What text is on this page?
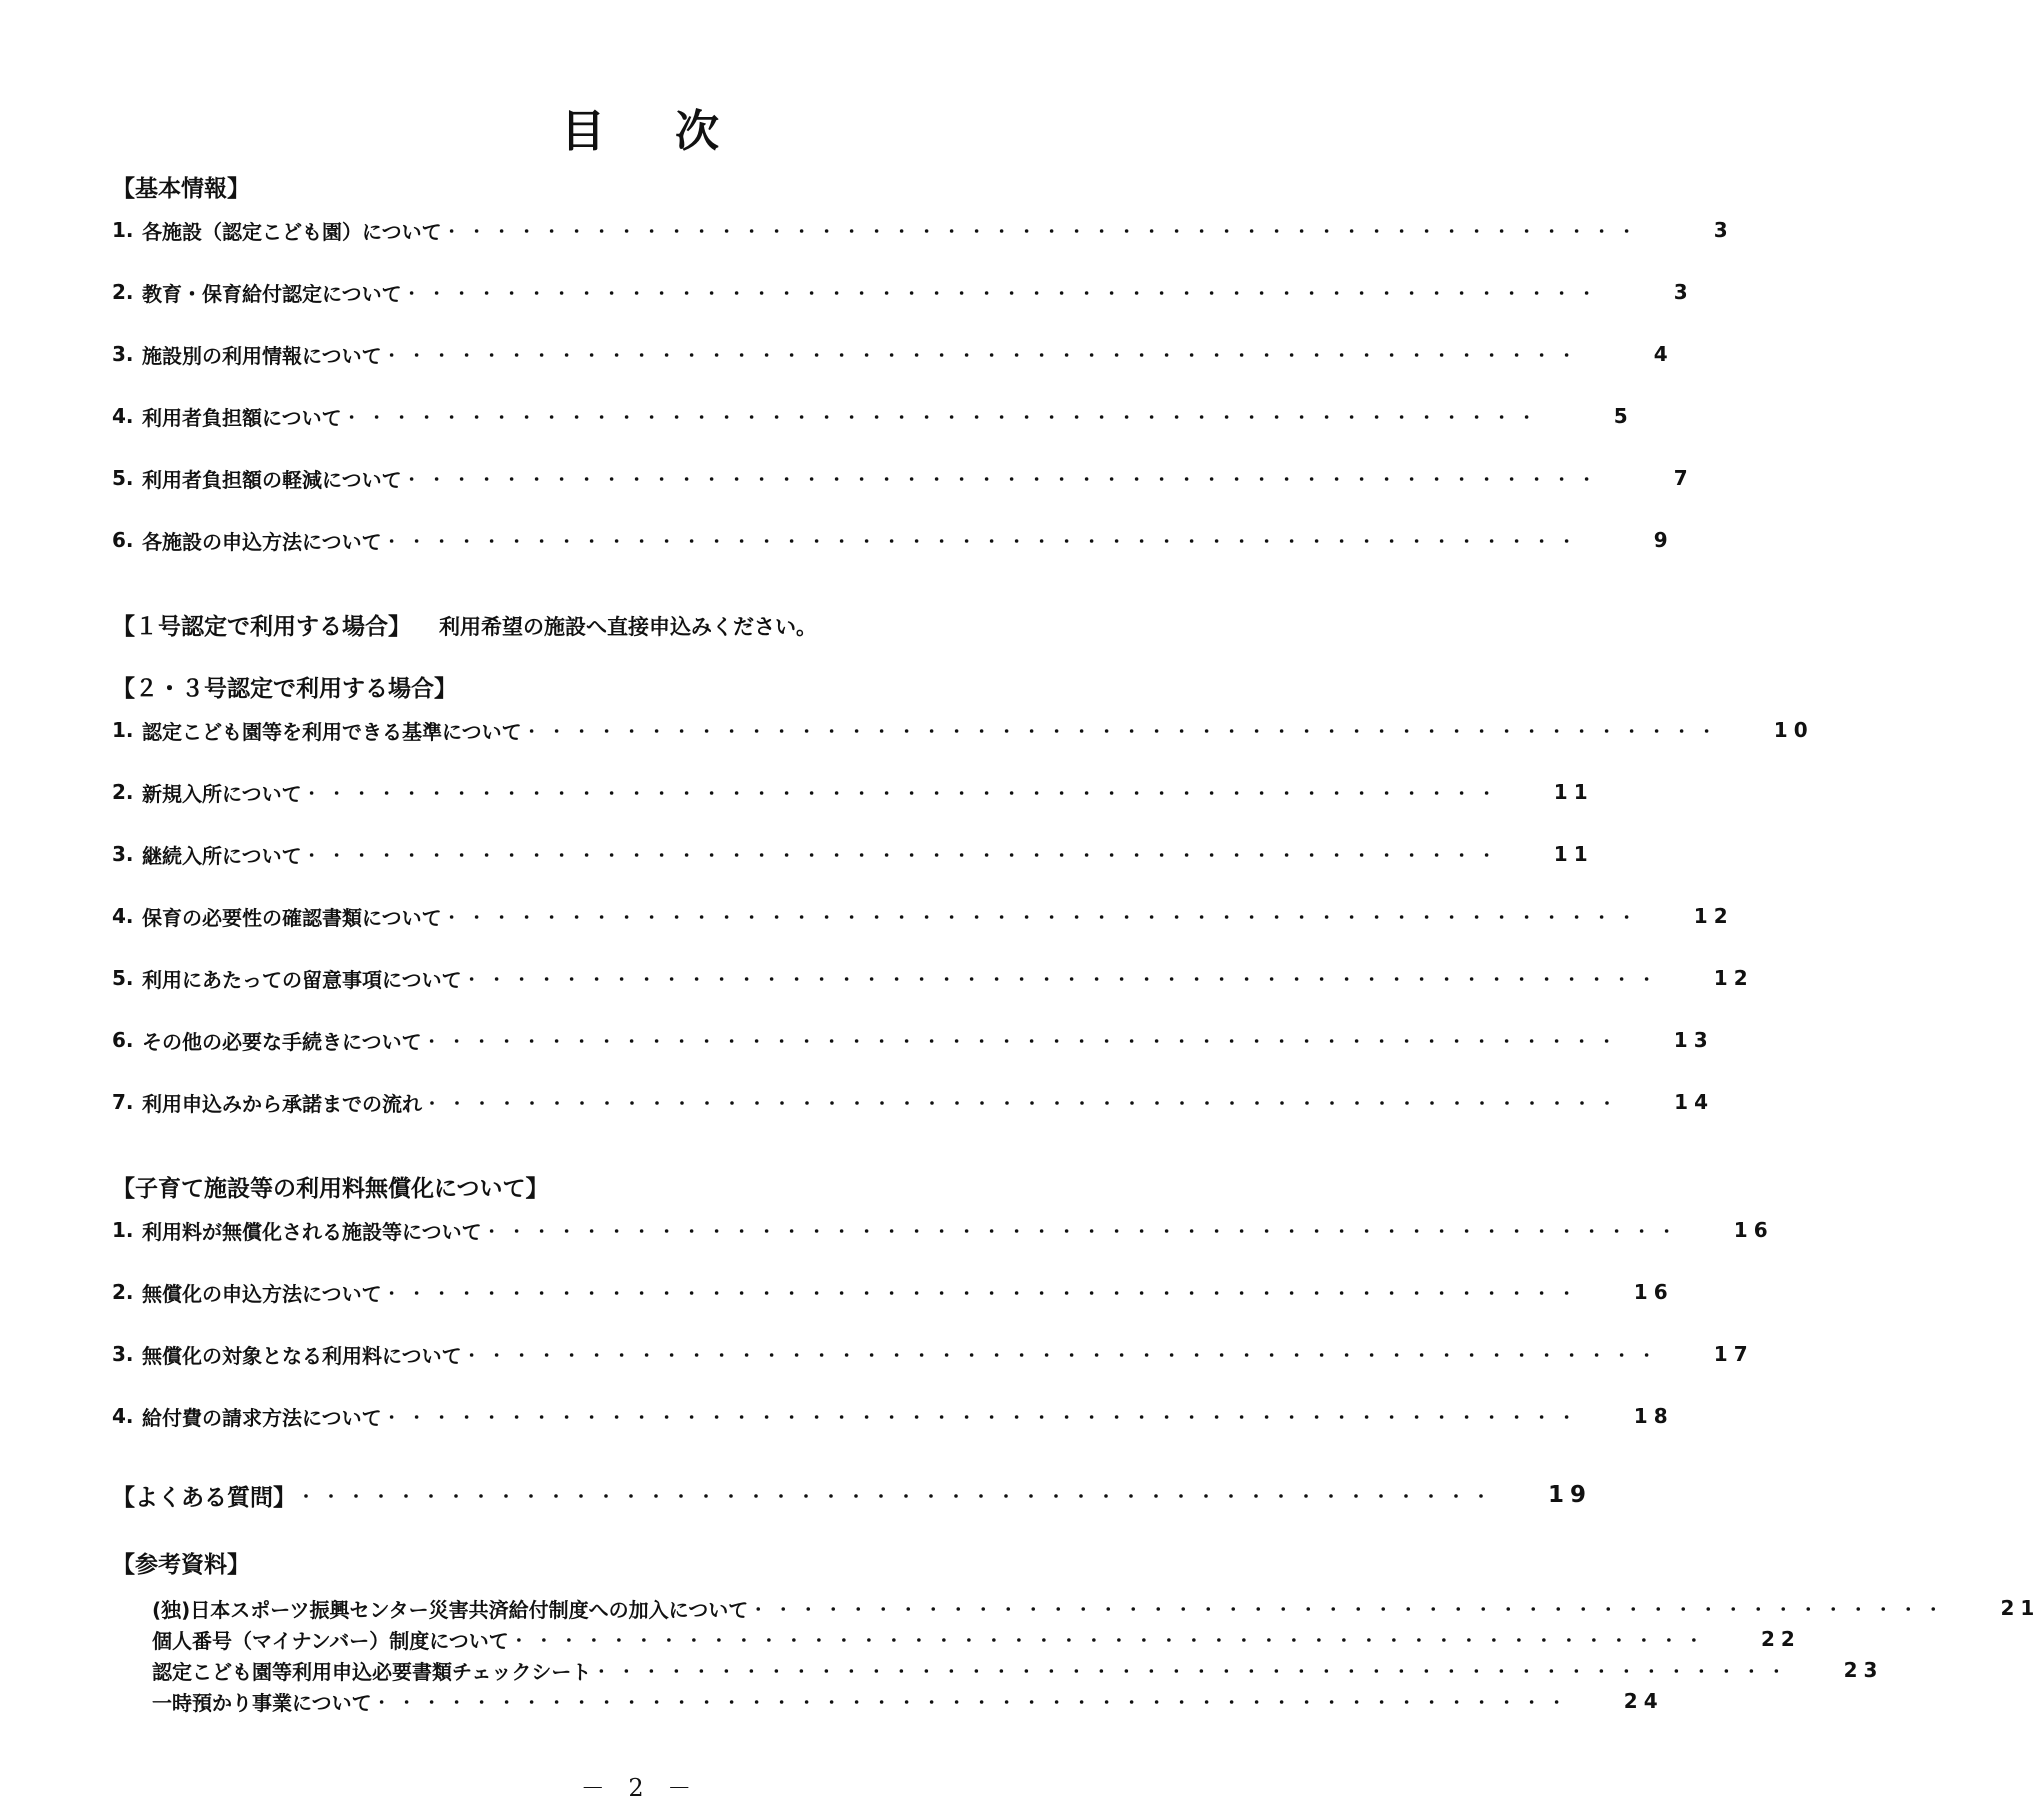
目次
【基本情報】
1. 各施設（認定こども園）について ・・・・・・・・・・・・・・・・・・・・・・・・・・・・・・・・・・・・・・・・・・・・・・・・	3
2. 教育・保育給付認定について ・・・・・・・・・・・・・・・・・・・・・・・・・・・・・・・・・・・・・・・・・・・・・・・・	3
3. 施設別の利用情報について ・・・・・・・・・・・・・・・・・・・・・・・・・・・・・・・・・・・・・・・・・・・・・・・・	4
4. 利用者負担額について ・・・・・・・・・・・・・・・・・・・・・・・・・・・・・・・・・・・・・・・・・・・・・・・・	5
5. 利用者負担額の軽減について ・・・・・・・・・・・・・・・・・・・・・・・・・・・・・・・・・・・・・・・・・・・・・・・・	7
6. 各施設の申込方法について ・・・・・・・・・・・・・・・・・・・・・・・・・・・・・・・・・・・・・・・・・・・・・・・・	9
【１号認定で利用する場合】 利用希望の施設へ直接申込みください。
【２・３号認定で利用する場合】
1. 認定こども園等を利用できる基準について ・・・・・・・・・・・・・・・・・・・・・・・・・・・・・・・・・・・・・・・・・・・・・・・・	10
2. 新規入所について ・・・・・・・・・・・・・・・・・・・・・・・・・・・・・・・・・・・・・・・・・・・・・・・・	11
3. 継続入所について ・・・・・・・・・・・・・・・・・・・・・・・・・・・・・・・・・・・・・・・・・・・・・・・・	11
4. 保育の必要性の確認書類について ・・・・・・・・・・・・・・・・・・・・・・・・・・・・・・・・・・・・・・・・・・・・・・・・	12
5. 利用にあたっての留意事項について ・・・・・・・・・・・・・・・・・・・・・・・・・・・・・・・・・・・・・・・・・・・・・・・・	12
6. その他の必要な手続きについて ・・・・・・・・・・・・・・・・・・・・・・・・・・・・・・・・・・・・・・・・・・・・・・・・	13
7. 利用申込みから承諾までの流れ ・・・・・・・・・・・・・・・・・・・・・・・・・・・・・・・・・・・・・・・・・・・・・・・・	14
【子育て施設等の利用料無償化について】
1. 利用料が無償化される施設等について ・・・・・・・・・・・・・・・・・・・・・・・・・・・・・・・・・・・・・・・・・・・・・・・・	16
2. 無償化の申込方法について ・・・・・・・・・・・・・・・・・・・・・・・・・・・・・・・・・・・・・・・・・・・・・・・・	16
3. 無償化の対象となる利用料について ・・・・・・・・・・・・・・・・・・・・・・・・・・・・・・・・・・・・・・・・・・・・・・・・	17
4. 給付費の請求方法について ・・・・・・・・・・・・・・・・・・・・・・・・・・・・・・・・・・・・・・・・・・・・・・・・	18
【よくある質問】 ・・・・・・・・・・・・・・・・・・・・・・・・・・・・・・・・・・・・・・・・・・・・・・・・ 19
【参考資料】
(独)日本スポーツ振興センター災害共済給付制度への加入について ・・・・・・・・・・・・・・・・・・・・・・・・・・・・・・・・・・・・・・・・・・・・・・・・	21
個人番号（マイナンバー）制度について ・・・・・・・・・・・・・・・・・・・・・・・・・・・・・・・・・・・・・・・・・・・・・・・・	22
認定こども園等利用申込必要書類チェックシート ・・・・・・・・・・・・・・・・・・・・・・・・・・・・・・・・・・・・・・・・・・・・・・・・	23
一時預かり事業について ・・・・・・・・・・・・・・・・・・・・・・・・・・・・・・・・・・・・・・・・・・・・・・・・	24
－ 2 －
